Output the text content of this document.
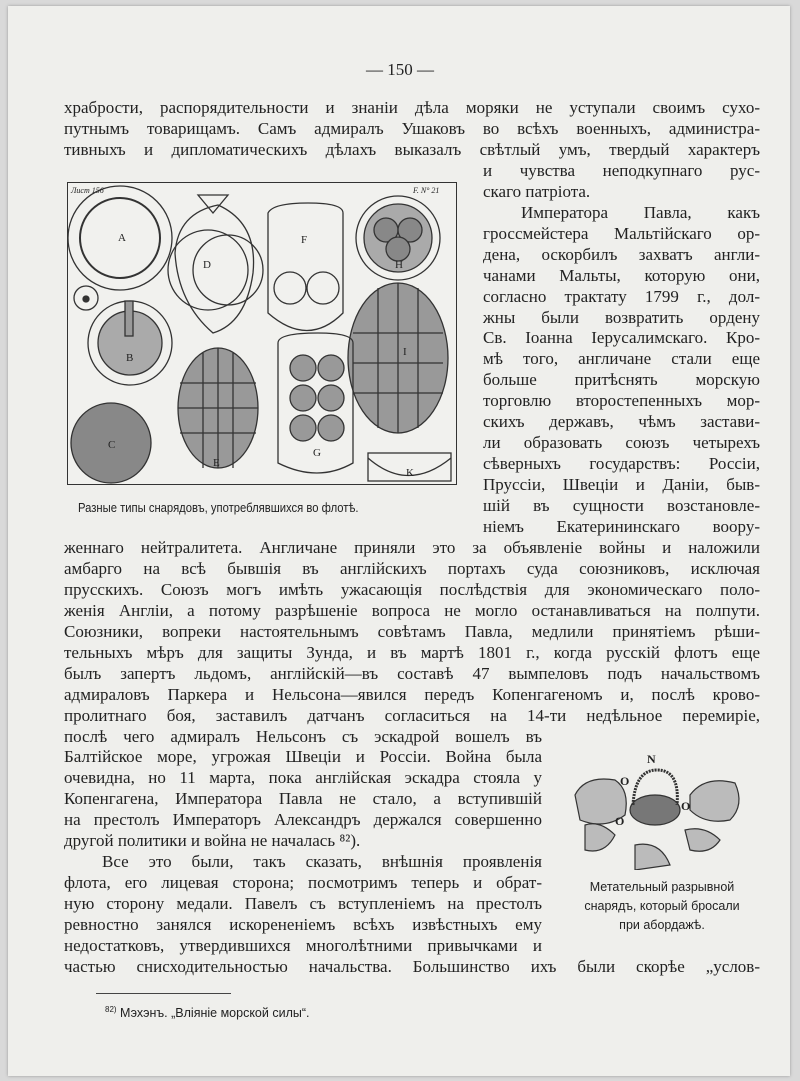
— 150 —
храбрости, распорядительности и знанiи дѣла моряки не уступали своимъ сухо-
путнымъ товарищамъ. Самъ адмиралъ Ушаковъ во всѣхъ военныхъ, администра-
тивныхъ и дипломатическихъ дѣлахъ выказалъ свѣтлый умъ, твердый характеръ
и чувства неподкупнаго рус-
скаго патрiота.
Императора Павла, какъ
гроссмейстера Мальтiйскаго ор-
дена, оскорбилъ захватъ англи-
чанами Мальты, которую они,
согласно трактату 1799 г., дол-
жны были возвратить ордену
Св. Iоанна Iерусалимскаго. Кро-
мѣ того, англичане стали еще
больше притѣснять морскую
торговлю второстепенныхъ мор-
скихъ державъ, чѣмъ застави-
ли образовать союзъ четырехъ
сѣверныхъ государствъ: Россiи,
Пруссiи, Швецiи и Данiи, быв-
шiй въ сущности возстановле-
нiемъ Екатерининскаго воору-
A
B
C
D
E
F
G
H
I
K
Лист 156	F. N° 21
Разные типы снарядовъ, употреблявшихся во флотѣ.
женнаго нейтралитета. Англичане приняли это за объявленiе войны и наложили
амбарго на всѣ бывшiя въ англiйскихъ портахъ суда союзниковъ, исключая
прусскихъ. Союзъ могъ имѣть ужасающiя послѣдствiя для экономическаго поло-
женiя Англiи, а потому разрѣшенiе вопроса не могло останавливаться на полпути.
Союзники, вопреки настоятельнымъ совѣтамъ Павла, медлили принятiемъ рѣши-
тельныхъ мѣръ для защиты Зунда, и въ мартѣ 1801 г., когда русскiй флотъ еще
былъ запертъ льдомъ, англiйскiй—въ составѣ 47 вымпеловъ подъ начальствомъ
адмираловъ Паркера и Нельсона—явился передъ Копенгагеномъ и, послѣ крово-
пролитнаго боя, заставилъ датчанъ согласиться на 14-ти недѣльное перемирiе,
послѣ чего адмиралъ Нельсонъ съ эскадрой вошелъ въ
Балтiйское море, угрожая Швецiи и Россiи. Война была
очевидна, но 11 марта, пока англiйская эскадра стояла у
Копенгагена, Императора Павла не стало, а вступившiй
на престолъ Императоръ Александръ держался совершенно
другой политики и война не началась ⁸²).
Все это были, такъ сказать, внѣшнiя проявленiя
флота, его лицевая сторона; посмотримъ теперь и обрат-
ную сторону медали. Павелъ съ вступленiемъ на престолъ
ревностно занялся искорененiемъ всѣхъ извѣстныхъ ему
недостатковъ, утвердившихся многолѣтними привычками и
N
O
O
O
Метательный разрывной
снарядъ, который бросали
при абордажѣ.
частью снисходительностью начальства. Большинство ихъ были скорѣе „услов-
$^{82)}$ Мэхэнъ. „Влiянiе морской силы“.
